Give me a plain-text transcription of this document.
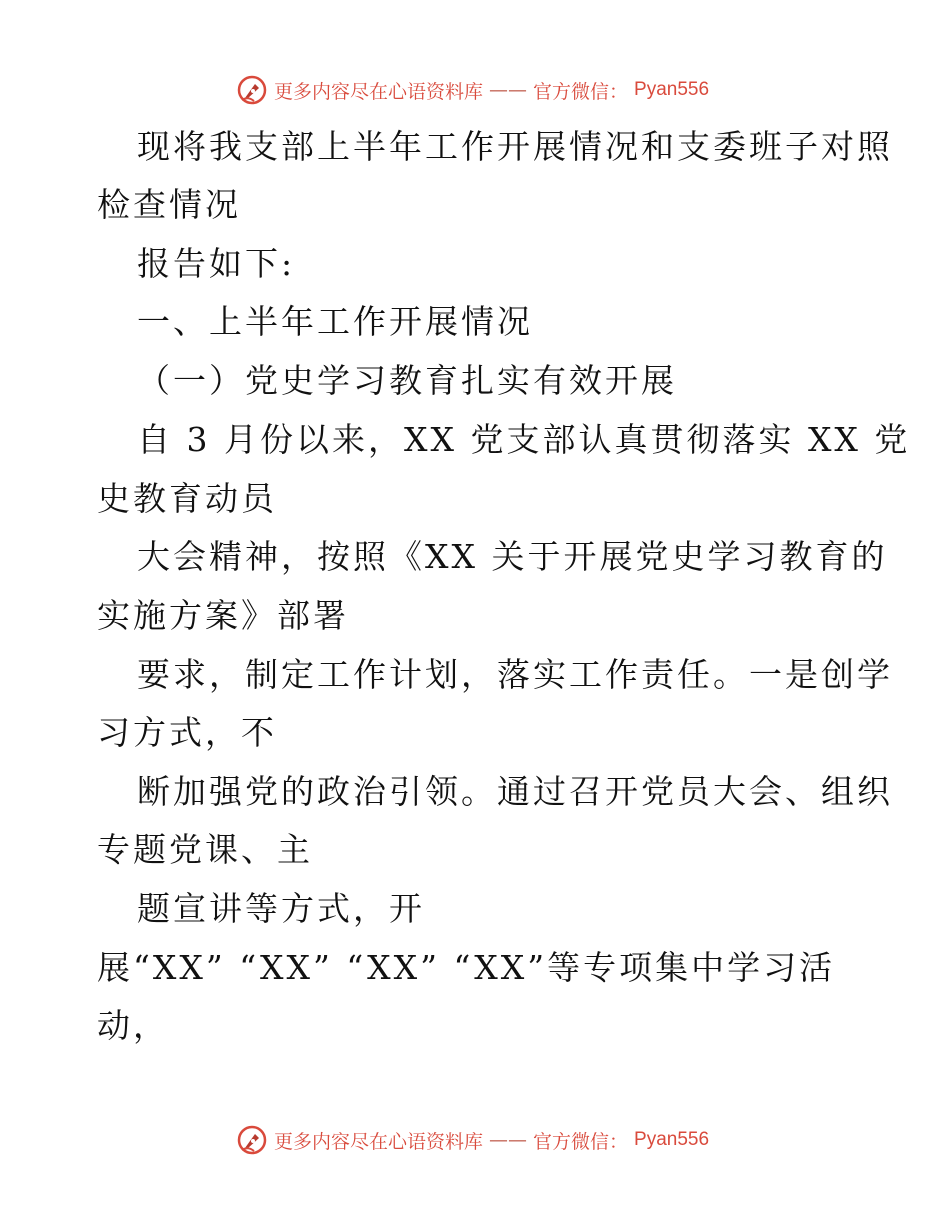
更多内容尽在心语资料库 —— 官方微信： Pyan556
现将我支部上半年工作开展情况和支委班子对照
检查情况
报告如下:
一、上半年工作开展情况
（一）党史学习教育扎实有效开展
自 3 月份以来，XX 党支部认真贯彻落实 XX 党
史教育动员
大会精神，按照《XX 关于开展党史学习教育的
实施方案》部署
要求，制定工作计划，落实工作责任。一是创学
习方式，不
断加强党的政治引领。通过召开党员大会、组织
专题党课、主
题宣讲等方式，开
展“XX” “XX” “XX” “XX”等专项集中学习活
动，
更多内容尽在心语资料库 —— 官方微信： Pyan556
